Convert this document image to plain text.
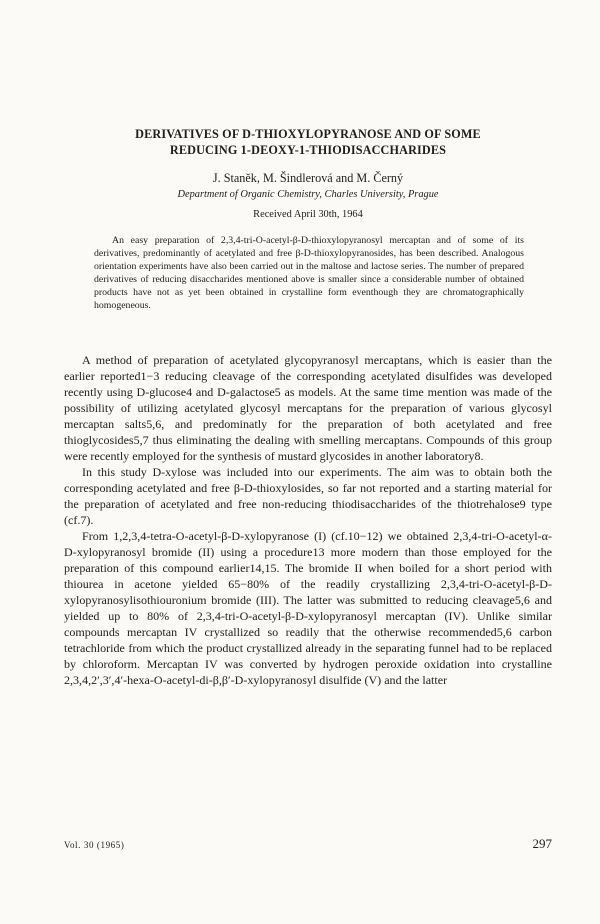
DERIVATIVES OF D-THIOXYLOPYRANOSE AND OF SOME
REDUCING 1-DEOXY-1-THIODISACCHARIDES
J. Staněk, M. Šindlerová and M. Černý
Department of Organic Chemistry, Charles University, Prague
Received April 30th, 1964

An easy preparation of 2,3,4-tri-O-acetyl-β-D-thioxylopyranosyl mercaptan and of some of its derivatives, predominantly of acetylated and free β-D-thioxylopyranosides, has been described. Analogous orientation experiments have also been carried out in the maltose and lactose series. The number of prepared derivatives of reducing disaccharides mentioned above is smaller since a considerable number of obtained products have not as yet been obtained in crystalline form eventhough they are chromatographically homogeneous.

A method of preparation of acetylated glycopyranosyl mercaptans, which is easier than the earlier reported1−3 reducing cleavage of the corresponding acetylated disulfides was developed recently using D-glucose4 and D-galactose5 as models. At the same time mention was made of the possibility of utilizing acetylated glycosyl mercaptans for the preparation of various glycosyl mercaptan salts5,6, and predominatly for the preparation of both acetylated and free thioglycosides5,7 thus eliminating the dealing with smelling mercaptans. Compounds of this group were recently employed for the synthesis of mustard glycosides in another laboratory8.

In this study D-xylose was included into our experiments. The aim was to obtain both the corresponding acetylated and free β-D-thioxylosides, so far not reported and a starting material for the preparation of acetylated and free non-reducing thiodisaccharides of the thiotrehalose9 type (cf.7).

From 1,2,3,4-tetra-O-acetyl-β-D-xylopyranose (I) (cf.10−12) we obtained 2,3,4-tri-O-acetyl-α-D-xylopyranosyl bromide (II) using a procedure13 more modern than those employed for the preparation of this compound earlier14,15. The bromide II when boiled for a short period with thiourea in acetone yielded 65−80% of the readily crystallizing 2,3,4-tri-O-acetyl-β-D-xylopyranosylisothiouronium bromide (III). The latter was submitted to reducing cleavage5,6 and yielded up to 80% of 2,3,4-tri-O-acetyl-β-D-xylopyranosyl mercaptan (IV). Unlike similar compounds mercaptan IV crystallized so readily that the otherwise recommended5,6 carbon tetrachloride from which the product crystallized already in the separating funnel had to be replaced by chloroform. Mercaptan IV was converted by hydrogen peroxide oxidation into crystalline 2,3,4,2′,3′,4′-hexa-O-acetyl-di-β,β′-D-xylopyranosyl disulfide (V) and the latter

Vol. 30 (1965)	297
